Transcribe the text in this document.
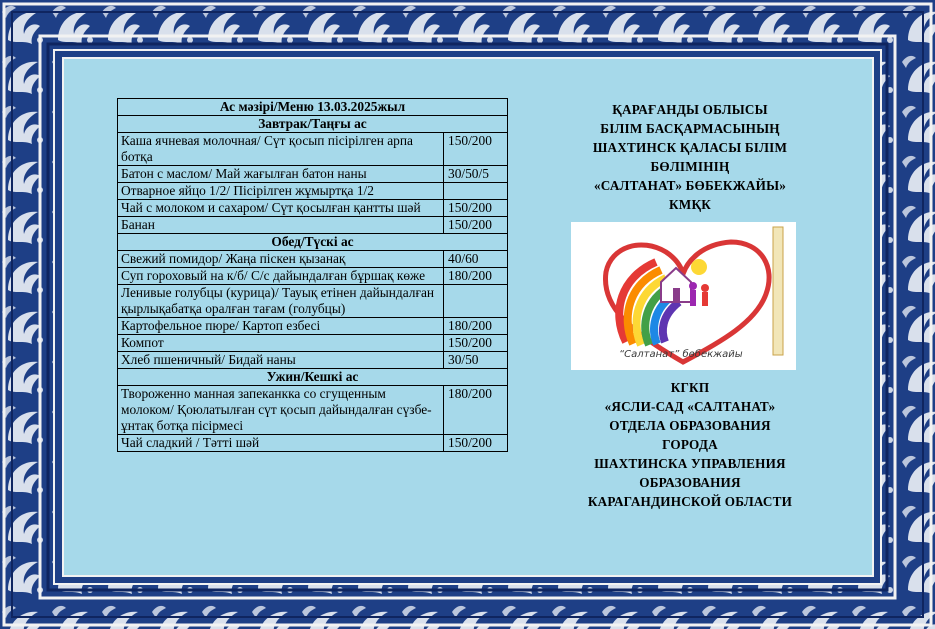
Ас мәзірі/Меню 13.03.2025жыл	
Завтрак/Таңғы ас	
Каша ячневая молочная/ Сүт қосып пісірілген арпа ботқа	150/200
Батон с маслом/ Май жағылған батон наны	30/50/5
Отварное яйцо 1/2/ Пісірілген жұмыртқа 1/2	
Чай с молоком и сахаром/ Сүт қосылған қантты шәй	150/200
Банан	150/200
Обед/Түскі ас	
Свежий помидор/ Жаңа піскен қызанақ	40/60
Суп гороховый на к/б/ С/с дайындалған бұршақ көже	180/200
Ленивые голубцы (курица)/ Тауық етінен дайындалған қырлықабатқа оралған тағам (голубцы)	
Картофельное пюре/ Картоп езбесі	180/200
Компот	150/200
Хлеб пшеничный/ Бидай наны	30/50
Ужин/Кешкі ас	
Твороженно манная запеканкка со сгущенным молоком/ Қоюлатылған сүт қосып дайындалған сүзбе-ұнтақ ботқа пісірмесі	180/200
Чай сладкий / Тәтті шәй	150/200
ҚАРАҒАНДЫ ОБЛЫСЫ
БІЛІМ БАСҚАРМАСЫНЫҢ
ШАХТИНСК ҚАЛАСЫ БІЛІМ
БӨЛІМІНІҢ
«САЛТАНАТ» БӨБЕКЖАЙЫ»
КМҚК
“Салтанат” бөбекжайы
КГКП
«ЯСЛИ-САД «САЛТАНАТ»
ОТДЕЛА ОБРАЗОВАНИЯ
ГОРОДА
ШАХТИНСКА УПРАВЛЕНИЯ
ОБРАЗОВАНИЯ
КАРАГАНДИНСКОЙ ОБЛАСТИ
